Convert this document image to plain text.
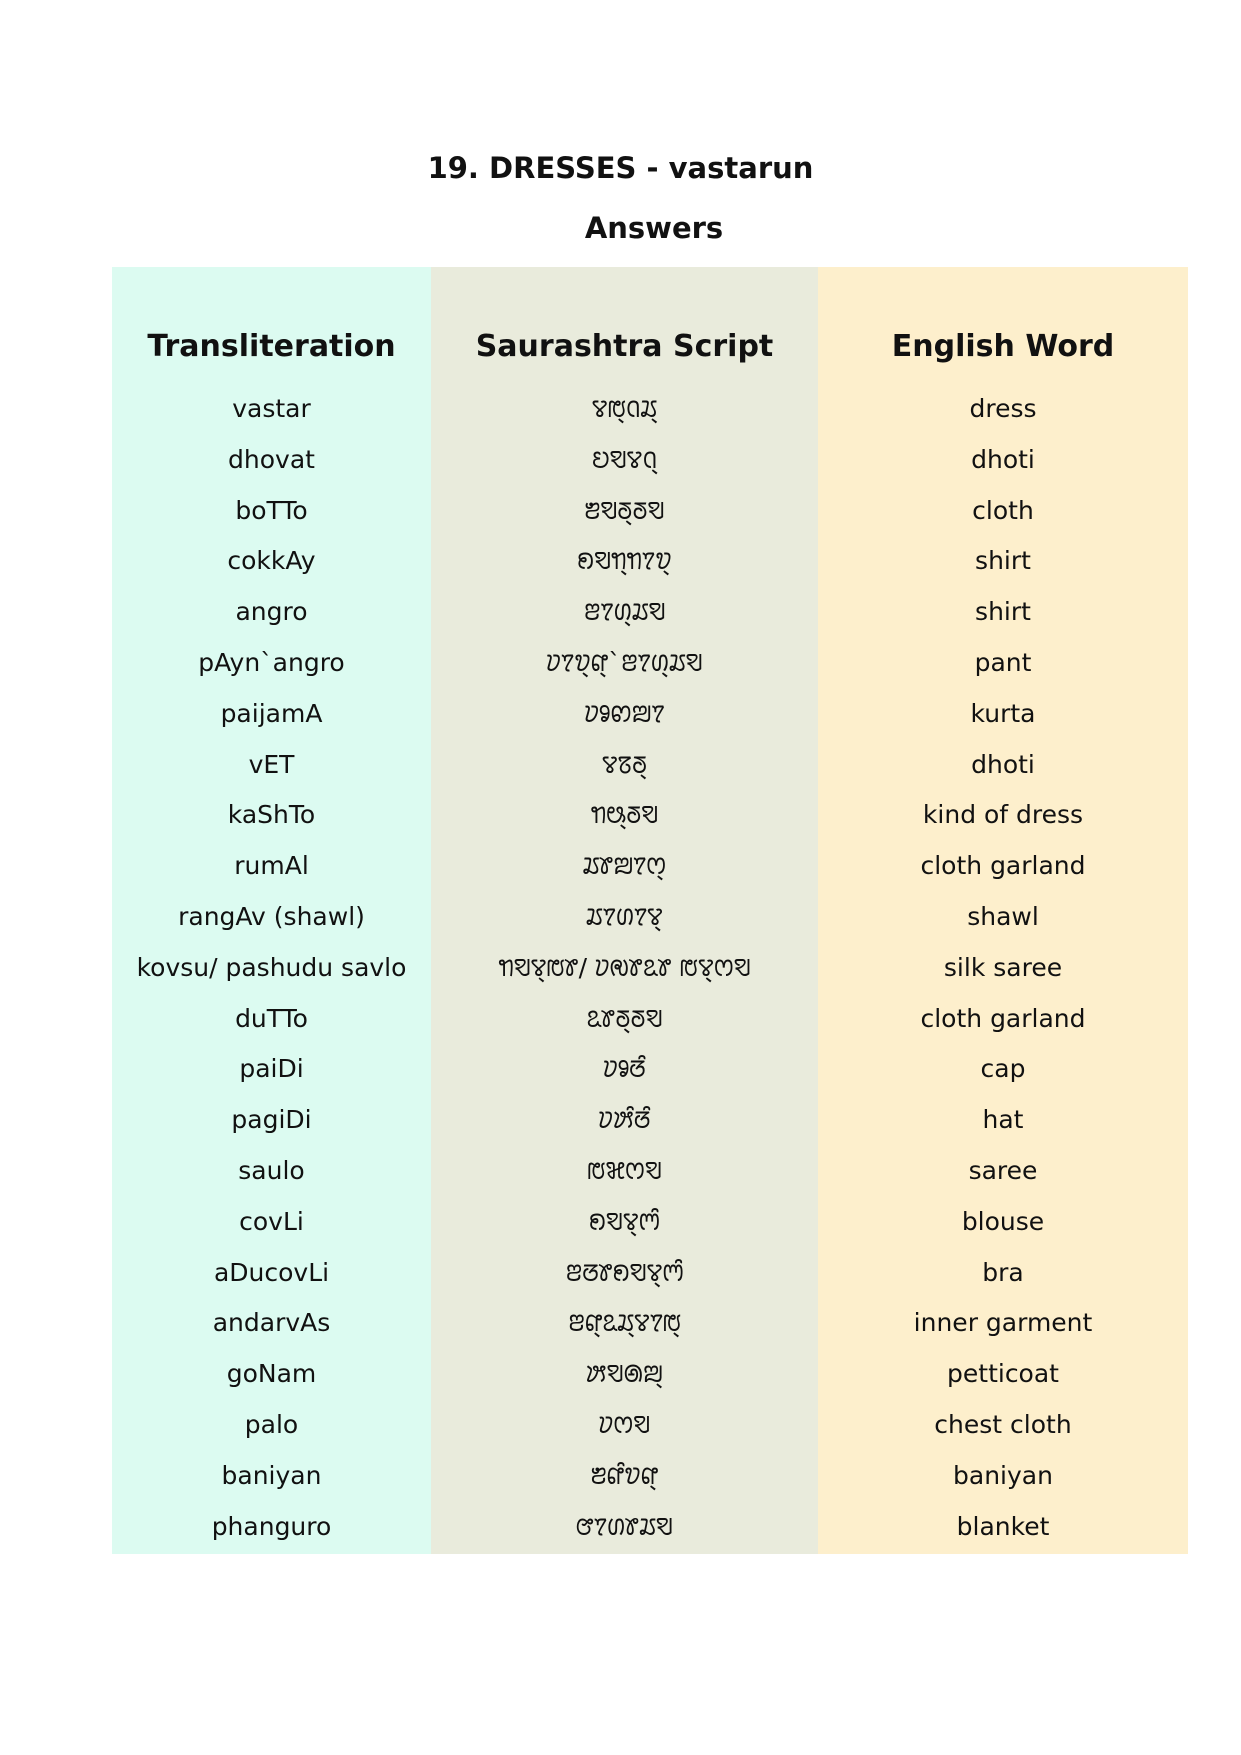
19. DRESSES - vastarun
Answers
Transliteration
vastar
dhovat
boTTo
cokkAy
angro
pAyn`angro
paijamA
vET
kaShTo
rumAl
rangAv (shawl)
kovsu/ pashudu savlo
duTTo
paiDi
pagiDi
saulo
covLi
aDucovLi
andarvAs
goNam
palo
baniyan
phanguro
Saurashtra Script
ꢮꢱ꣄ꢡꢬ꣄
ꢤꣂꢮꢡ꣄
ꢨꣂꢜ꣄ꢜꣂ
ꢖꣂꢒ꣄ꢒꢵꢫ꣄
ꢂꢵꢔ꣄ꢬꣂ
ꢦꢵꢫ꣄ꢥ꣄`ꢂꢵꢔ꣄ꢬꣂ
ꢦꣀꢙꢪꢵ
ꢮꢿꢜ꣄
ꢒꢰ꣄ꢜꣂ
ꢬꢸꢪꢵꢭ꣄
ꢬꢵꢔꢵꢮ꣄
ꢒꣂꢮ꣄ꢱꢸ/ ꢦꢯꢸꢣꢸ ꢱꢮ꣄ꢭꣂ
ꢣꢸꢜ꣄ꢜꣂ
ꢦꣀꢞꢶ
ꢦꢓꢶꢞꢶ
ꢱꣃꢭꣂ
ꢖꣂꢮ꣄ꢳꢶ
ꢂꢞꢸꢖꣂꢮ꣄ꢳꢶ
ꢂꢥ꣄ꢣꢬ꣄ꢮꢵꢱ꣄
ꢓꣂꢠꢪ꣄
ꢦꢭꣂ
ꢨꢥꢶꢫꢥ꣄
ꢧꢵꢔꢸꢬꣂ
English Word
dress
dhoti
cloth
shirt
shirt
pant
kurta
dhoti
kind of dress
cloth garland
shawl
silk saree
cloth garland
cap
hat
saree
blouse
bra
inner garment
petticoat
chest cloth
baniyan
blanket
